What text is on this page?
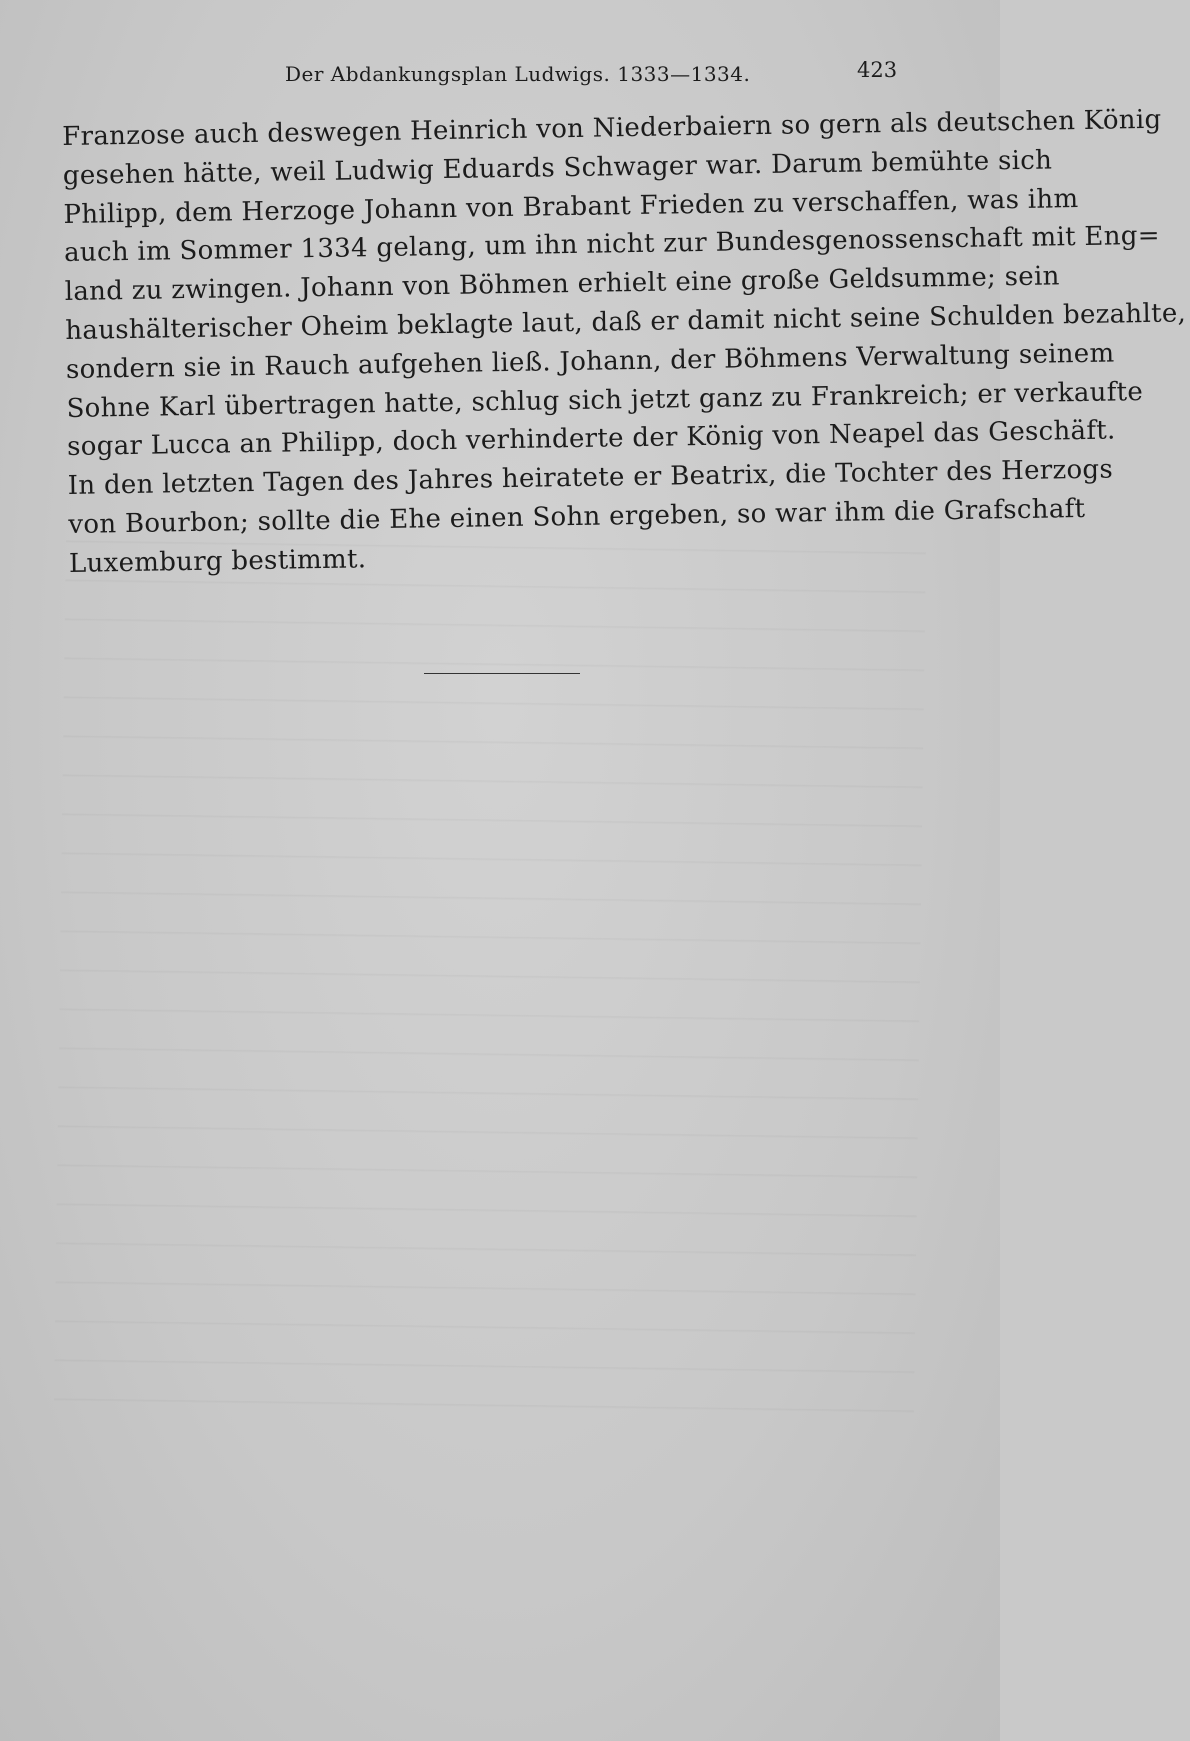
Der Abdankungsplan Ludwigs. 1333—1334.	423
Franzose auch deswegen Heinrich von Niederbaiern so gern als deutschen König
gesehen hätte, weil Ludwig Eduards Schwager war. Darum bemühte sich
Philipp, dem Herzoge Johann von Brabant Frieden zu verschaffen, was ihm
auch im Sommer 1334 gelang, um ihn nicht zur Bundesgenossenschaft mit Eng=
land zu zwingen. Johann von Böhmen erhielt eine große Geldsumme; sein
haushälterischer Oheim beklagte laut, daß er damit nicht seine Schulden bezahlte,
sondern sie in Rauch aufgehen ließ. Johann, der Böhmens Verwaltung seinem
Sohne Karl übertragen hatte, schlug sich jetzt ganz zu Frankreich; er verkaufte
sogar Lucca an Philipp, doch verhinderte der König von Neapel das Geschäft.
In den letzten Tagen des Jahres heiratete er Beatrix, die Tochter des Herzogs
von Bourbon; sollte die Ehe einen Sohn ergeben, so war ihm die Grafschaft
Luxemburg bestimmt.
